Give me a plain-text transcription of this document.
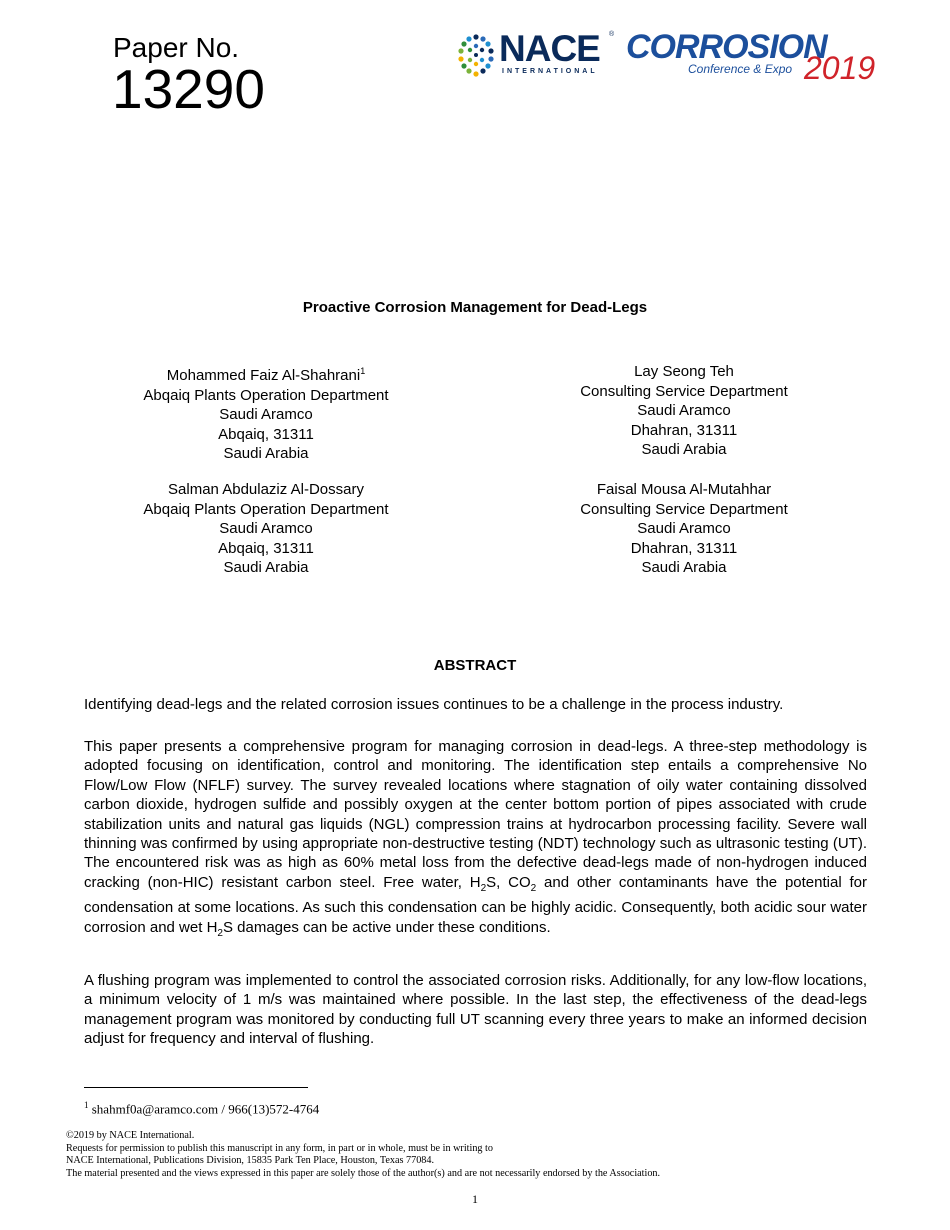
Paper No.
13290
NACE ®
INTERNATIONAL
CORROSION
Conference & Expo 2019
Proactive Corrosion Management for Dead-Legs
Mohammed Faiz Al-Shahrani$^1$
Abqaiq Plants Operation Department
Saudi Aramco
Abqaiq, 31311
Saudi Arabia
Lay Seong Teh
Consulting Service Department
Saudi Aramco
Dhahran, 31311
Saudi Arabia
Salman Abdulaziz Al-Dossary
Abqaiq Plants Operation Department
Saudi Aramco
Abqaiq, 31311
Saudi Arabia
Faisal Mousa Al-Mutahhar
Consulting Service Department
Saudi Aramco
Dhahran, 31311
Saudi Arabia
ABSTRACT

Identifying dead-legs and the related corrosion issues continues to be a challenge in the process industry.

This paper presents a comprehensive program for managing corrosion in dead-legs. A three-step methodology is adopted focusing on identification, control and monitoring. The identification step entails a comprehensive No Flow/Low Flow (NFLF) survey. The survey revealed locations where stagnation of oily water containing dissolved carbon dioxide, hydrogen sulfide and possibly oxygen at the center bottom portion of pipes associated with crude stabilization units and natural gas liquids (NGL) compression trains at hydrocarbon processing facility. Severe wall thinning was confirmed by using appropriate non-destructive testing (NDT) technology such as ultrasonic testing (UT). The encountered risk was as high as 60% metal loss from the defective dead-legs made of non-hydrogen induced cracking (non-HIC) resistant carbon steel. Free water, $H_2S$, $CO_2$ and other contaminants have the potential for condensation at some locations. As such this condensation can be highly acidic. Consequently, both acidic sour water corrosion and wet $H_2S$ damages can be active under these conditions.

A flushing program was implemented to control the associated corrosion risks. Additionally, for any low-flow locations, a minimum velocity of 1 m/s was maintained where possible. In the last step, the effectiveness of the dead-legs management program was monitored by conducting full UT scanning every three years to make an informed decision adjust for frequency and interval of flushing.

$^1$ shahmf0a@aramco.com / 966(13)572-4764
©2019 by NACE International.
Requests for permission to publish this manuscript in any form, in part or in whole, must be in writing to
NACE International, Publications Division, 15835 Park Ten Place, Houston, Texas 77084.
The material presented and the views expressed in this paper are solely those of the author(s) and are not necessarily endorsed by the Association.
1
